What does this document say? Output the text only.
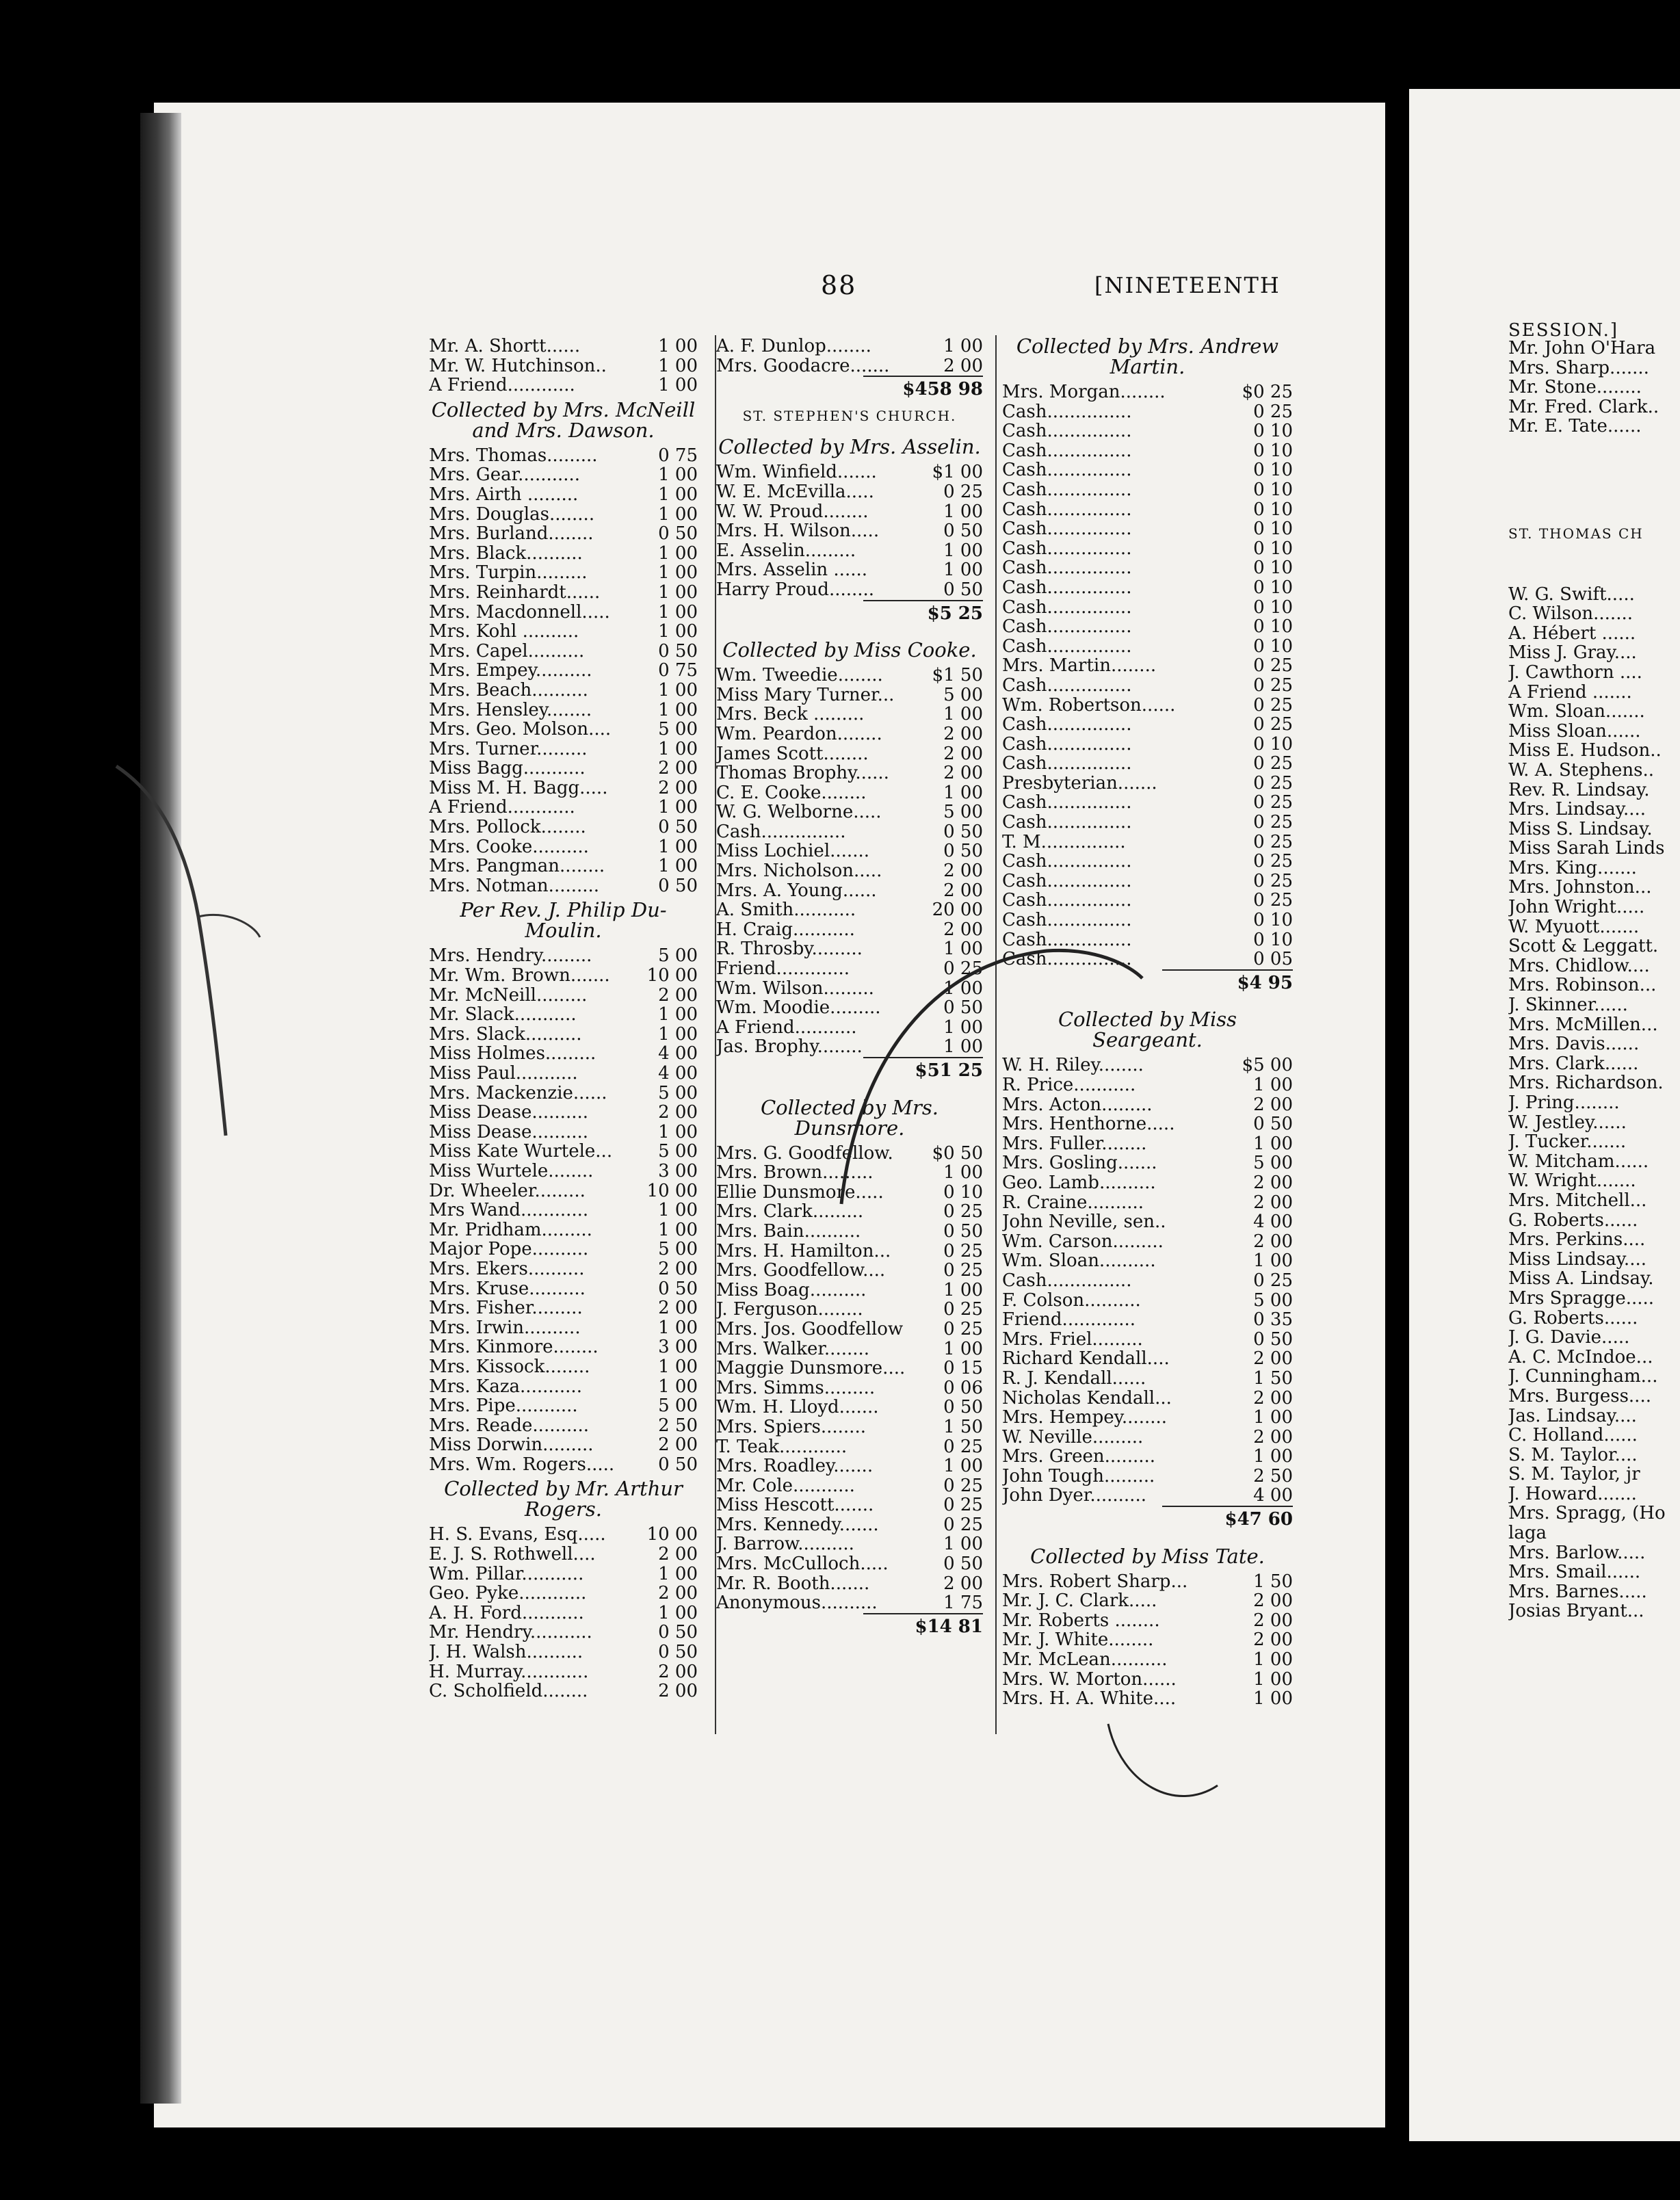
88	[NINETEENTH
SESSION.]
Mr. A. Shortt......	1 00
Mr. W. Hutchinson..	1 00
A Friend............	1 00
Collected by Mrs. McNeill and Mrs. Dawson.
Mrs. Thomas.........	0 75
Mrs. Gear...........	1 00
Mrs. Airth .........	1 00
Mrs. Douglas........	1 00
Mrs. Burland........	0 50
Mrs. Black..........	1 00
Mrs. Turpin.........	1 00
Mrs. Reinhardt......	1 00
Mrs. Macdonnell.....	1 00
Mrs. Kohl ..........	1 00
Mrs. Capel..........	0 50
Mrs. Empey..........	0 75
Mrs. Beach..........	1 00
Mrs. Hensley........	1 00
Mrs. Geo. Molson....	5 00
Mrs. Turner.........	1 00
Miss Bagg...........	2 00
Miss M. H. Bagg.....	2 00
A Friend............	1 00
Mrs. Pollock........	0 50
Mrs. Cooke..........	1 00
Mrs. Pangman........	1 00
Mrs. Notman.........	0 50
Per Rev. J. Philip Du-Moulin.
Mrs. Hendry.........	5 00
Mr. Wm. Brown.......	10 00
Mr. McNeill.........	2 00
Mr. Slack...........	1 00
Mrs. Slack..........	1 00
Miss Holmes.........	4 00
Miss Paul...........	4 00
Mrs. Mackenzie......	5 00
Miss Dease..........	2 00
Miss Dease..........	1 00
Miss Kate Wurtele...	5 00
Miss Wurtele........	3 00
Dr. Wheeler.........	10 00
Mrs Wand............	1 00
Mr. Pridham.........	1 00
Major Pope..........	5 00
Mrs. Ekers..........	2 00
Mrs. Kruse..........	0 50
Mrs. Fisher.........	2 00
Mrs. Irwin..........	1 00
Mrs. Kinmore........	3 00
Mrs. Kissock........	1 00
Mrs. Kaza...........	1 00
Mrs. Pipe...........	5 00
Mrs. Reade..........	2 50
Miss Dorwin.........	2 00
Mrs. Wm. Rogers.....	0 50
Collected by Mr. Arthur Rogers.
H. S. Evans, Esq.....	10 00
E. J. S. Rothwell....	2 00
Wm. Pillar...........	1 00
Geo. Pyke............	2 00
A. H. Ford...........	1 00
Mr. Hendry...........	0 50
J. H. Walsh..........	0 50
H. Murray............	2 00
C. Scholfield........	2 00
A. F. Dunlop........	1 00
Mrs. Goodacre.......	2 00
$458 98
ST. STEPHEN'S CHURCH.
Collected by Mrs. Asselin.
Wm. Winfield.......	$1 00
W. E. McEvilla.....	0 25
W. W. Proud........	1 00
Mrs. H. Wilson.....	0 50
E. Asselin.........	1 00
Mrs. Asselin ......	1 00
Harry Proud........	0 50
$5 25
Collected by Miss Cooke.
Wm. Tweedie........	$1 50
Miss Mary Turner...	5 00
Mrs. Beck .........	1 00
Wm. Peardon........	2 00
James Scott........	2 00
Thomas Brophy......	2 00
C. E. Cooke........	1 00
W. G. Welborne.....	5 00
Cash...............	0 50
Miss Lochiel.......	0 50
Mrs. Nicholson.....	2 00
Mrs. A. Young......	2 00
A. Smith...........	20 00
H. Craig...........	2 00
R. Throsby.........	1 00
Friend.............	0 25
Wm. Wilson.........	1 00
Wm. Moodie.........	0 50
A Friend...........	1 00
Jas. Brophy........	1 00
$51 25
Collected by Mrs. Dunsmore.
Mrs. G. Goodfellow.	$0 50
Mrs. Brown.........	1 00
Ellie Dunsmore.....	0 10
Mrs. Clark.........	0 25
Mrs. Bain..........	0 50
Mrs. H. Hamilton...	0 25
Mrs. Goodfellow....	0 25
Miss Boag..........	1 00
J. Ferguson........	0 25
Mrs. Jos. Goodfellow	0 25
Mrs. Walker........	1 00
Maggie Dunsmore....	0 15
Mrs. Simms.........	0 06
Wm. H. Lloyd.......	0 50
Mrs. Spiers........	1 50
T. Teak............	0 25
Mrs. Roadley.......	1 00
Mr. Cole...........	0 25
Miss Hescott.......	0 25
Mrs. Kennedy.......	0 25
J. Barrow..........	1 00
Mrs. McCulloch.....	0 50
Mr. R. Booth.......	2 00
Anonymous..........	1 75
$14 81
Collected by Mrs. Andrew Martin.
Mrs. Morgan........	$0 25
Cash...............	0 25
Cash...............	0 10
Cash...............	0 10
Cash...............	0 10
Cash...............	0 10
Cash...............	0 10
Cash...............	0 10
Cash...............	0 10
Cash...............	0 10
Cash...............	0 10
Cash...............	0 10
Cash...............	0 10
Cash...............	0 10
Mrs. Martin........	0 25
Cash...............	0 25
Wm. Robertson......	0 25
Cash...............	0 25
Cash...............	0 10
Cash...............	0 25
Presbyterian.......	0 25
Cash...............	0 25
Cash...............	0 25
T. M...............	0 25
Cash...............	0 25
Cash...............	0 25
Cash...............	0 25
Cash...............	0 10
Cash...............	0 10
Cash...............	0 05
$4 95
Collected by Miss Seargeant.
W. H. Riley........	$5 00
R. Price...........	1 00
Mrs. Acton.........	2 00
Mrs. Henthorne.....	0 50
Mrs. Fuller........	1 00
Mrs. Gosling.......	5 00
Geo. Lamb..........	2 00
R. Craine..........	2 00
John Neville, sen..	4 00
Wm. Carson.........	2 00
Wm. Sloan..........	1 00
Cash...............	0 25
F. Colson..........	5 00
Friend.............	0 35
Mrs. Friel.........	0 50
Richard Kendall....	2 00
R. J. Kendall......	1 50
Nicholas Kendall...	2 00
Mrs. Hempey........	1 00
W. Neville.........	2 00
Mrs. Green.........	1 00
John Tough.........	2 50
John Dyer..........	4 00
$47 60
Collected by Miss Tate.
Mrs. Robert Sharp...	1 50
Mr. J. C. Clark.....	2 00
Mr. Roberts ........	2 00
Mr. J. White........	2 00
Mr. McLean..........	1 00
Mrs. W. Morton......	1 00
Mrs. H. A. White....	1 00
Mr. John O'Hara
Mrs. Sharp.......
Mr. Stone........
Mr. Fred. Clark..
Mr. E. Tate......
ST. THOMAS CH
W. G. Swift.....
C. Wilson.......
A. Hébert ......
Miss J. Gray....
J. Cawthorn ....
A Friend .......
Wm. Sloan.......
Miss Sloan......
Miss E. Hudson..
W. A. Stephens..
Rev. R. Lindsay.
Mrs. Lindsay....
Miss S. Lindsay.
Miss Sarah Linds
Mrs. King.......
Mrs. Johnston...
John Wright.....
W. Myuott.......
Scott & Leggatt.
Mrs. Chidlow....
Mrs. Robinson...
J. Skinner......
Mrs. McMillen...
Mrs. Davis......
Mrs. Clark......
Mrs. Richardson.
J. Pring........
W. Jestley......
J. Tucker.......
W. Mitcham......
W. Wright.......
Mrs. Mitchell...
G. Roberts......
Mrs. Perkins....
Miss Lindsay....
Miss A. Lindsay.
Mrs Spragge.....
G. Roberts......
J. G. Davie.....
A. C. McIndoe...
J. Cunningham...
Mrs. Burgess....
Jas. Lindsay....
C. Holland......
S. M. Taylor....
S. M. Taylor, jr
J. Howard.......
Mrs. Spragg, (Ho
laga
Mrs. Barlow.....
Mrs. Smail......
Mrs. Barnes.....
Josias Bryant...
